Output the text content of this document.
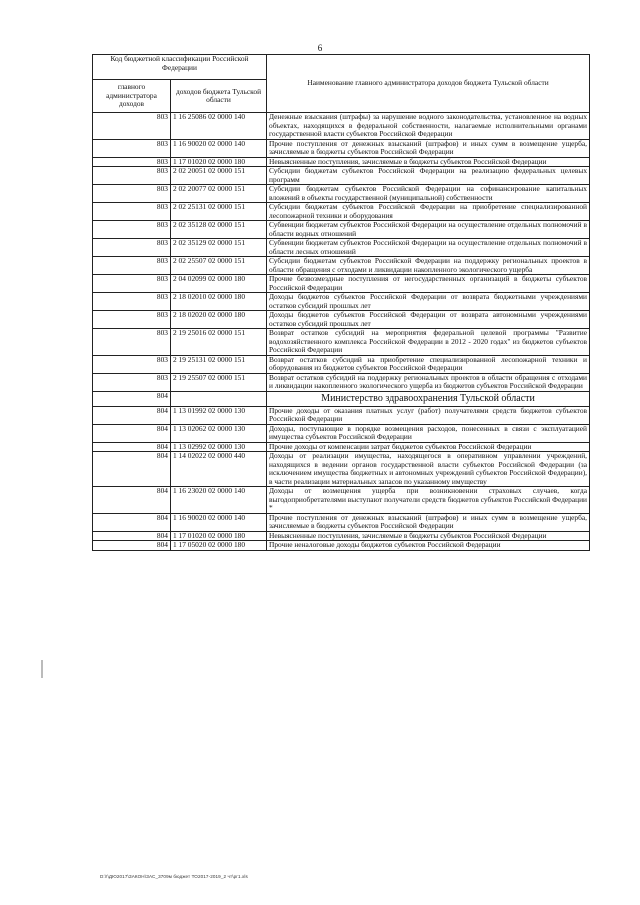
6
Код бюджетной классификации Российской Федерации		Наименование главного администратора доходов бюджета Тульской области
главного администратора доходов	доходов бюджета Тульской области	
803	1 16 25086 02 0000 140	Денежные взыскания (штрафы) за нарушение водного законодательства, установленное на водных объектах, находящихся в федеральной собственности, налагаемые исполнительными органами государственной власти субъектов Российской Федерации
803	1 16 90020 02 0000 140	Прочие поступления от денежных взысканий (штрафов) и иных сумм в возмещение ущерба, зачисляемые в бюджеты субъектов Российской Федерации
803	1 17 01020 02 0000 180	Невыясненные поступления, зачисляемые в бюджеты субъектов Российской Федерации
803	2 02 20051 02 0000 151	Субсидии бюджетам субъектов Российской Федерации на реализацию федеральных целевых программ
803	2 02 20077 02 0000 151	Субсидии бюджетам субъектов Российской Федерации на софинансирование капитальных вложений в объекты государственной (муниципальной) собственности
803	2 02 25131 02 0000 151	Субсидии бюджетам субъектов Российской Федерации на приобретение специализированной лесопожарной техники и оборудования
803	2 02 35128 02 0000 151	Субвенции бюджетам субъектов Российской Федерации на осуществление отдельных полномочий в области водных отношений
803	2 02 35129 02 0000 151	Субвенции бюджетам субъектов Российской Федерации на осуществление отдельных полномочий в области лесных отношений
803	2 02 25507 02 0000 151	Субсидии бюджетам субъектов Российской Федерации на поддержку региональных проектов в области обращения с отходами и ликвидации накопленного экологического ущерба
803	2 04 02099 02 0000 180	Прочие безвозмездные поступления от негосударственных организаций в бюджеты субъектов Российской Федерации
803	2 18 02010 02 0000 180	Доходы бюджетов субъектов Российской Федерации от возврата бюджетными учреждениями остатков субсидий прошлых лет
803	2 18 02020 02 0000 180	Доходы бюджетов субъектов Российской Федерации от возврата автономными учреждениями остатков субсидий прошлых лет
803	2 19 25016 02 0000 151	Возврат остатков субсидий на мероприятия федеральной целевой программы "Развитие водохозяйственного комплекса Российской Федерации в 2012 - 2020 годах" из бюджетов субъектов Российской Федерации
803	2 19 25131 02 0000 151	Возврат остатков субсидий на приобретение специализированной лесопожарной техники и оборудования из бюджетов субъектов Российской Федерации
803	2 19 25507 02 0000 151	Возврат остатков субсидий на поддержку региональных проектов в области обращения с отходами и ликвидации накопленного экологического ущерба из бюджетов субъектов Российской Федерации
804		Министерство здравоохранения Тульской области
804	1 13 01992 02 0000 130	Прочие доходы от оказания платных услуг (работ) получателями средств бюджетов субъектов Российской Федерации
804	1 13 02062 02 0000 130	Доходы, поступающие в порядке возмещения расходов, понесенных в связи с эксплуатацией имущества субъектов Российской Федерации
804	1 13 02992 02 0000 130	Прочие доходы от компенсации затрат бюджетов субъектов Российской Федерации
804	1 14 02022 02 0000 440	Доходы от реализации имущества, находящегося в оперативном управлении учреждений, находящихся в ведении органов государственной власти субъектов Российской Федерации (за исключением имущества бюджетных и автономных учреждений субъектов Российской Федерации), в части реализации материальных запасов по указанному имуществу
804	1 16 23020 02 0000 140	Доходы от возмещения ущерба при возникновении страховых случаев, когда выгодоприобретателями выступают получатели средств бюджетов субъектов Российской Федерации *
804	1 16 90020 02 0000 140	Прочие поступления от денежных взысканий (штрафов) и иных сумм в возмещение ущерба, зачисляемые в бюджеты субъектов Российской Федерации
804	1 17 01020 02 0000 180	Невыясненные поступления, зачисляемые в бюджеты субъектов Российской Федерации
804	1 17 05020 02 0000 180	Прочие неналоговые доходы бюджетов субъектов Российской Федерации
D:\!\ДЮ2017\ЗАКОН\ЗАС_3709м бюджет ТО2017-2019_2 чт\рг1.xls
